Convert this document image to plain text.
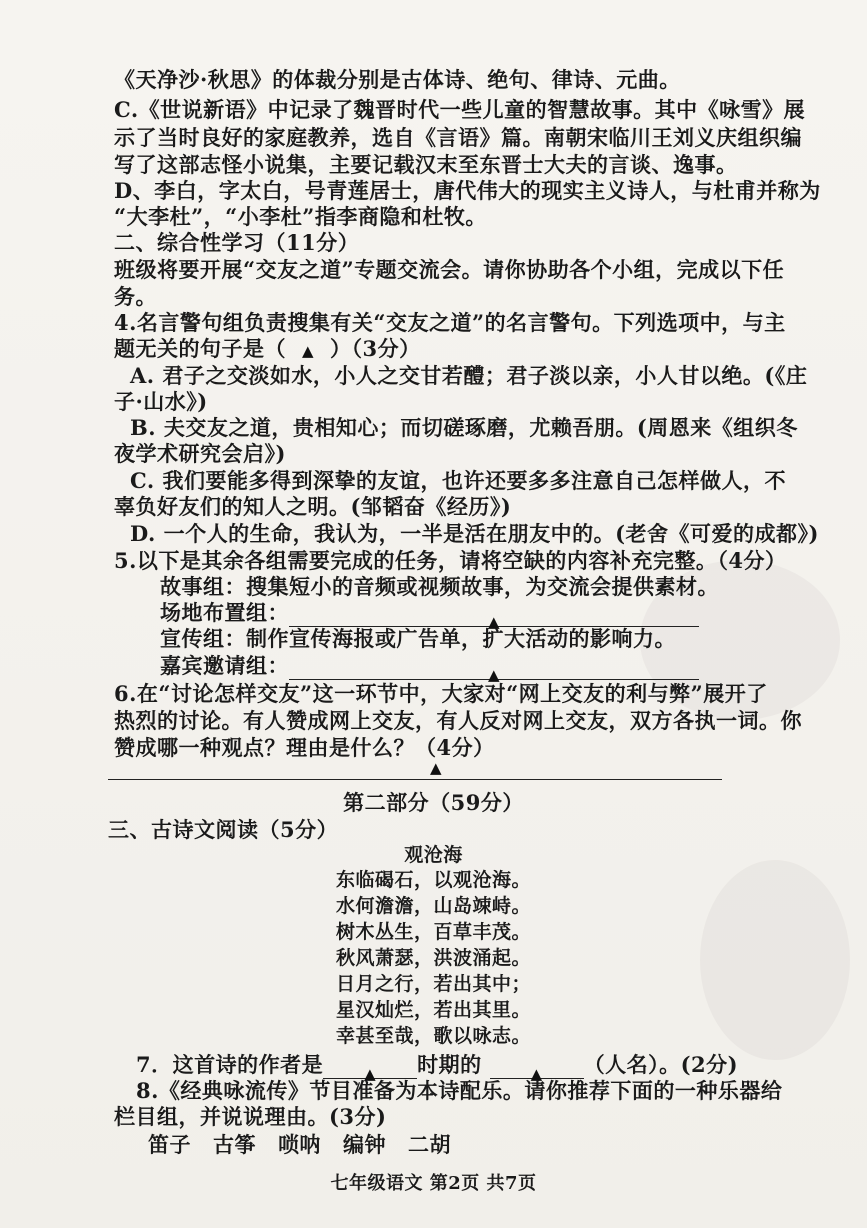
《天净沙·秋思》的体裁分别是古体诗、绝句、律诗、元曲。
C.《世说新语》中记录了魏晋时代一些儿童的智慧故事。其中《咏雪》展
示了当时良好的家庭教养，选自《言语》篇。南朝宋临川王刘义庆组织编
写了这部志怪小说集，主要记载汉末至东晋士大夫的言谈、逸事。
D、李白，字太白，号青莲居士，唐代伟大的现实主义诗人，与杜甫并称为
“大李杜”，“小李杜”指李商隐和杜牧。
二、综合性学习（11分）
班级将要开展“交友之道”专题交流会。请你协助各个小组，完成以下任
务。
4.名言警句组负责搜集有关“交友之道”的名言警句。下列选项中，与主
题无关的句子是（ ▲ ）（3分）
A. 君子之交淡如水，小人之交甘若醴；君子淡以亲，小人甘以绝。(《庄
子·山水》)
B. 夫交友之道，贵相知心；而切磋琢磨，尤赖吾朋。(周恩来《组织冬
夜学术研究会启》)
C. 我们要能多得到深挚的友谊，也许还要多多注意自己怎样做人，不
辜负好友们的知人之明。(邹韬奋《经历》)
D. 一个人的生命，我认为，一半是活在朋友中的。(老舍《可爱的成都》)
5.以下是其余各组需要完成的任务，请将空缺的内容补充完整。（4分）
故事组：搜集短小的音频或视频故事，为交流会提供素材。
场地布置组：	▲
宣传组：制作宣传海报或广告单，扩大活动的影响力。
嘉宾邀请组：	▲
6.在“讨论怎样交友”这一环节中，大家对“网上交友的利与弊”展开了
热烈的讨论。有人赞成网上交友，有人反对网上交友，双方各执一词。你
赞成哪一种观点？理由是什么？（4分）
▲
第二部分（59分）
三、古诗文阅读（5分）
观沧海
东临碣石，以观沧海。
水何澹澹，山岛竦峙。
树木丛生，百草丰茂。
秋风萧瑟，洪波涌起。
日月之行，若出其中；
星汉灿烂，若出其里。
幸甚至哉，歌以咏志。
7．这首诗的作者是	▲ 时期的	▲ （人名）。(2分)
8.《经典咏流传》节目准备为本诗配乐。请你推荐下面的一种乐器给
栏目组，并说说理由。(3分)
笛子 古筝 唢呐 编钟 二胡
七年级语文 第2页 共7页
